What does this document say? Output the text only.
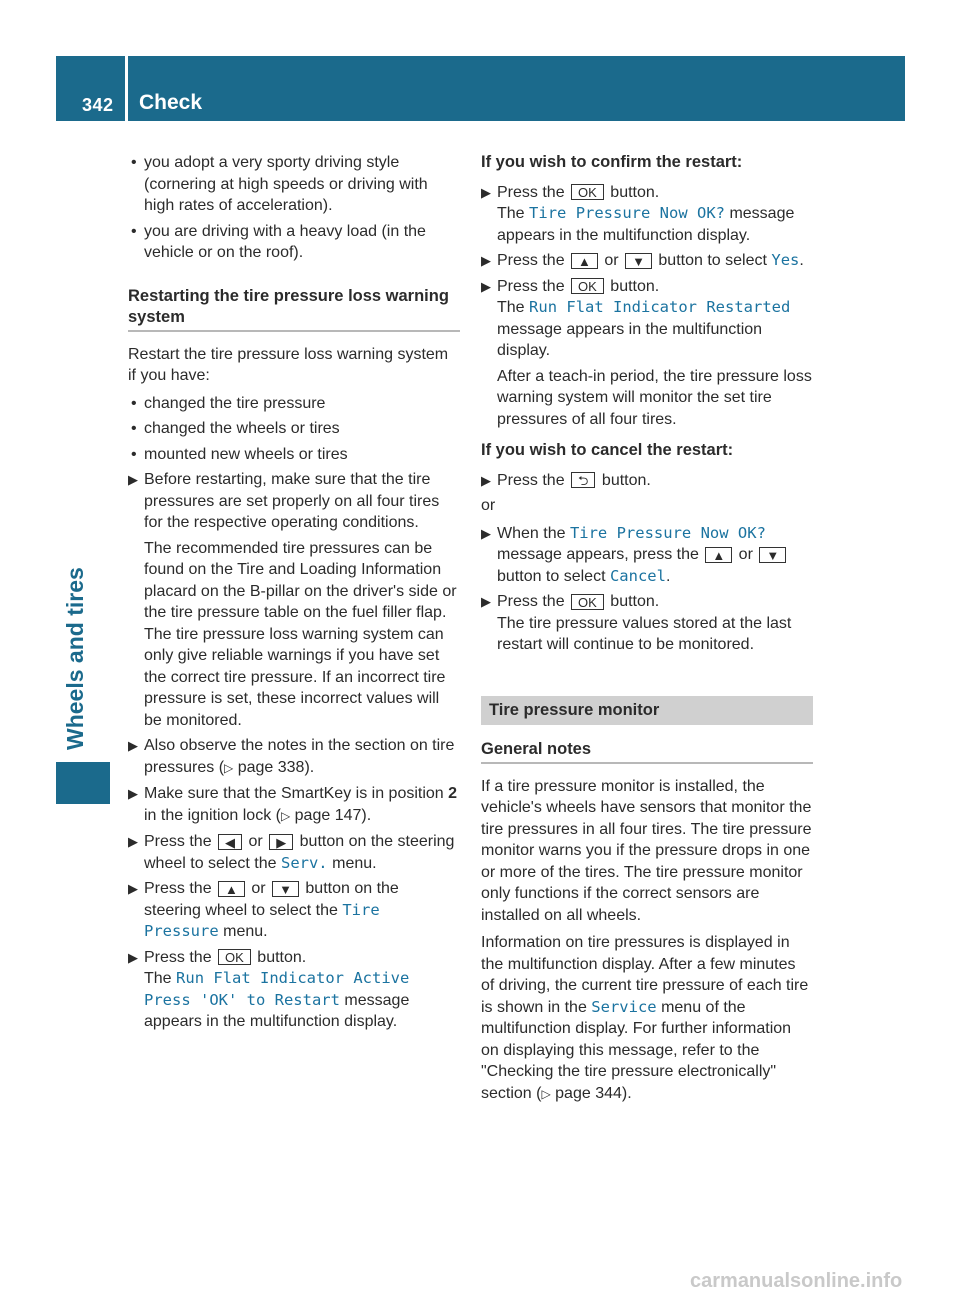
342 Check
Wheels and tires
• you adopt a very sporty driving style (cornering at high speeds or driving with high rates of acceleration).
• you are driving with a heavy load (in the vehicle or on the roof).
Restarting the tire pressure loss warning system
Restart the tire pressure loss warning system if you have:
• changed the tire pressure
• changed the wheels or tires
• mounted new wheels or tires
▶ Before restarting, make sure that the tire pressures are set properly on all four tires for the respective operating conditions.
The recommended tire pressures can be found on the Tire and Loading Information placard on the B-pillar on the driver's side or the tire pressure table on the fuel filler flap. The tire pressure loss warning system can only give reliable warnings if you have set the correct tire pressure. If an incorrect tire pressure is set, these incorrect values will be monitored.
▶ Also observe the notes in the section on tire pressures (▷ page 338).
▶ Make sure that the SmartKey is in position 2 in the ignition lock (▷ page 147).
▶ Press the ◀ or ▶ button on the steering wheel to select the Serv. menu.
▶ Press the ▲ or ▼ button on the steering wheel to select the Tire Pressure menu.
▶ Press the OK button.
The Run Flat Indicator Active Press 'OK' to Restart message appears in the multifunction display.
If you wish to confirm the restart:
▶ Press the OK button.
The Tire Pressure Now OK? message appears in the multifunction display.
▶ Press the ▲ or ▼ button to select Yes.
▶ Press the OK button.
The Run Flat Indicator Restarted message appears in the multifunction display.
After a teach-in period, the tire pressure loss warning system will monitor the set tire pressures of all four tires.
If you wish to cancel the restart:
▶ Press the ⮌ button.
or
▶ When the Tire Pressure Now OK? message appears, press the ▲ or ▼ button to select Cancel.
▶ Press the OK button.
The tire pressure values stored at the last restart will continue to be monitored.
Tire pressure monitor
General notes
If a tire pressure monitor is installed, the vehicle's wheels have sensors that monitor the tire pressures in all four tires. The tire pressure monitor warns you if the pressure drops in one or more of the tires. The tire pressure monitor only functions if the correct sensors are installed on all wheels.
Information on tire pressures is displayed in the multifunction display. After a few minutes of driving, the current tire pressure of each tire is shown in the Service menu of the multifunction display. For further information on displaying this message, refer to the "Checking the tire pressure electronically" section (▷ page 344).
carmanualsonline.info
